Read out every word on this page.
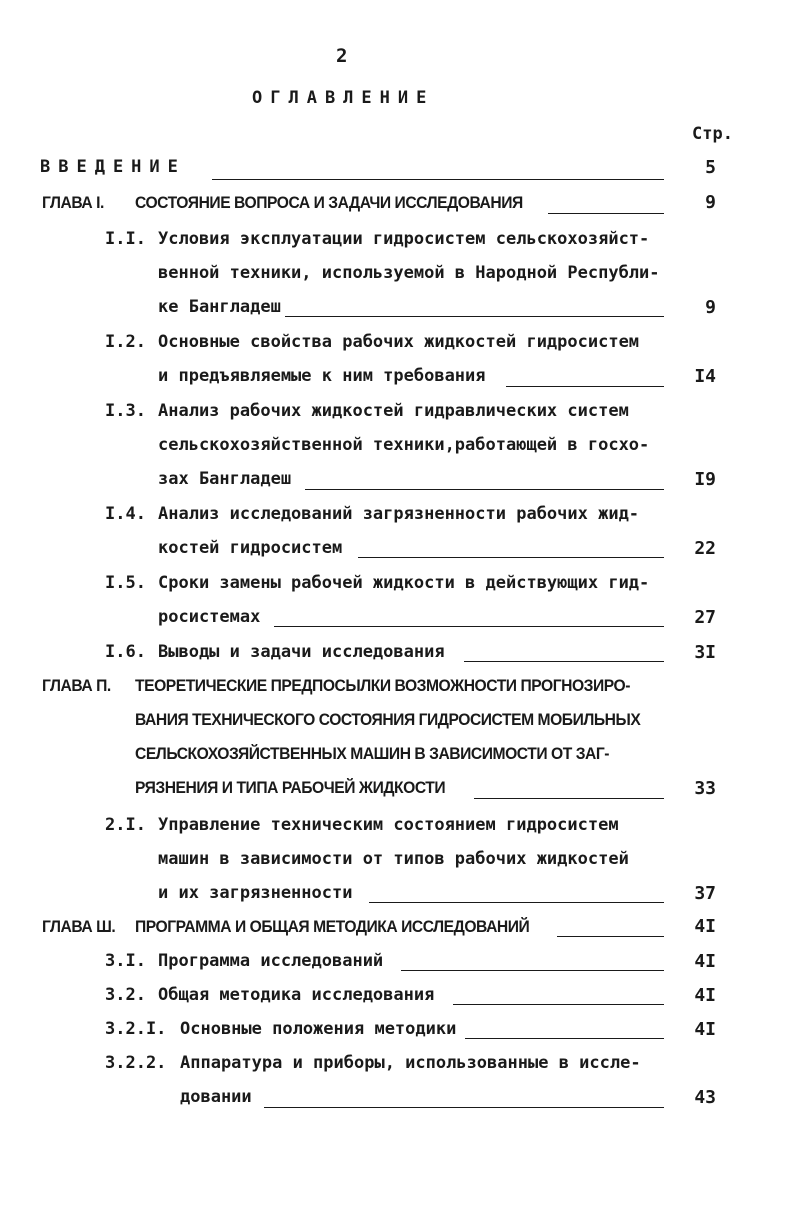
2
ОГЛАВЛЕНИЕ
Стр.
ВВЕДЕНИЕ	5
ГЛАВА I. СОСТОЯНИЕ ВОПРОСА И ЗАДАЧИ ИССЛЕДОВАНИЯ	9
I.I. Условия эксплуатации гидросистем сельскохозяйст-
венной техники, используемой в Народной Республи-
ке Бангладеш	9
I.2. Основные свойства рабочих жидкостей гидросистем
и предъявляемые к ним требования	I4
I.3. Анализ рабочих жидкостей гидравлических систем
сельскохозяйственной техники,работающей в госхо-
зах Бангладеш	I9
I.4. Анализ исследований загрязненности рабочих жид-
костей гидросистем	22
I.5. Сроки замены рабочей жидкости в действующих гид-
росистемах	27
I.6. Выводы и задачи исследования	3I
ГЛАВА П. ТЕОРЕТИЧЕСКИЕ ПРЕДПОСЫЛКИ ВОЗМОЖНОСТИ ПРОГНОЗИРО-
ВАНИЯ ТЕХНИЧЕСКОГО СОСТОЯНИЯ ГИДРОСИСТЕМ МОБИЛЬНЫХ
СЕЛЬСКОХОЗЯЙСТВЕННЫХ МАШИН В ЗАВИСИМОСТИ ОТ ЗАГ-
РЯЗНЕНИЯ И ТИПА РАБОЧЕЙ ЖИДКОСТИ	33
2.I. Управление техническим состоянием гидросистем
машин в зависимости от типов рабочих жидкостей
и их загрязненности	37
ГЛАВА Ш. ПРОГРАММА И ОБЩАЯ МЕТОДИКА ИССЛЕДОВАНИЙ	4I
3.I. Программа исследований	4I
3.2. Общая методика исследования	4I
3.2.I. Основные положения методики	4I
3.2.2. Аппаратура и приборы, использованные в иссле-
довании	43
